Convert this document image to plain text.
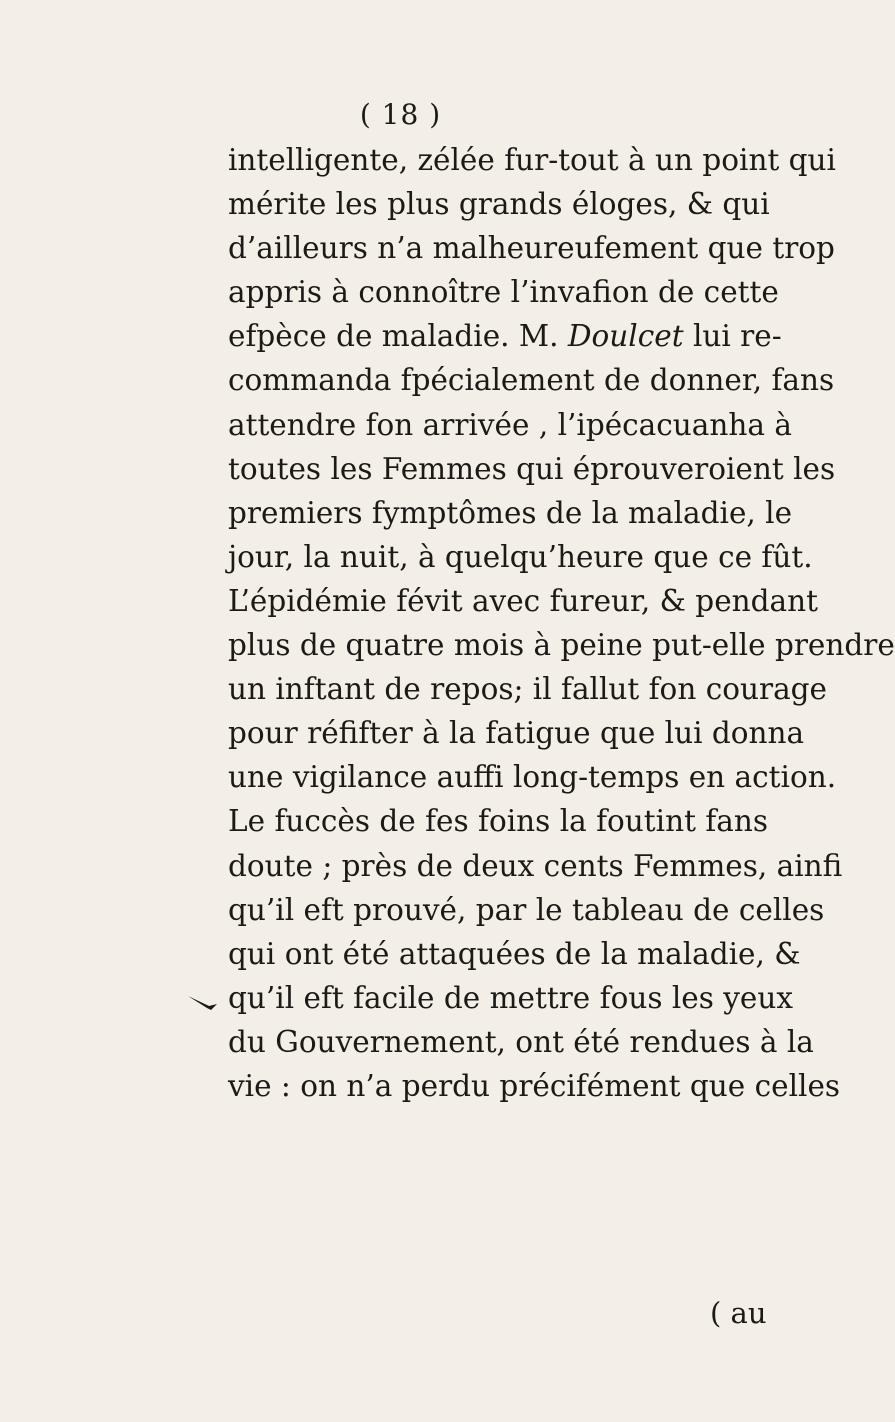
( 18 )
intelligente, zélée fur-tout à un point qui
mérite les plus grands éloges, & qui
d’ailleurs n’a malheureufement que trop
appris à connoître l’invafion de cette
efpèce de maladie. M. Doulcet lui re-
commanda fpécialement de donner, fans
attendre fon arrivée , l’ipécacuanha à
toutes les Femmes qui éprouveroient les
premiers fymptômes de la maladie, le
jour, la nuit, à quelqu’heure que ce fût.
L’épidémie févit avec fureur, & pendant
plus de quatre mois à peine put-elle prendre
un inftant de repos; il fallut fon courage
pour réfifter à la fatigue que lui donna
une vigilance auffi long-temps en action.
Le fuccès de fes foins la foutint fans
doute ; près de deux cents Femmes, ainfi
qu’il eft prouvé, par le tableau de celles
qui ont été attaquées de la maladie, &
qu’il eft facile de mettre fous les yeux
du Gouvernement, ont été rendues à la
vie : on n’a perdu précifément que celles
( au
